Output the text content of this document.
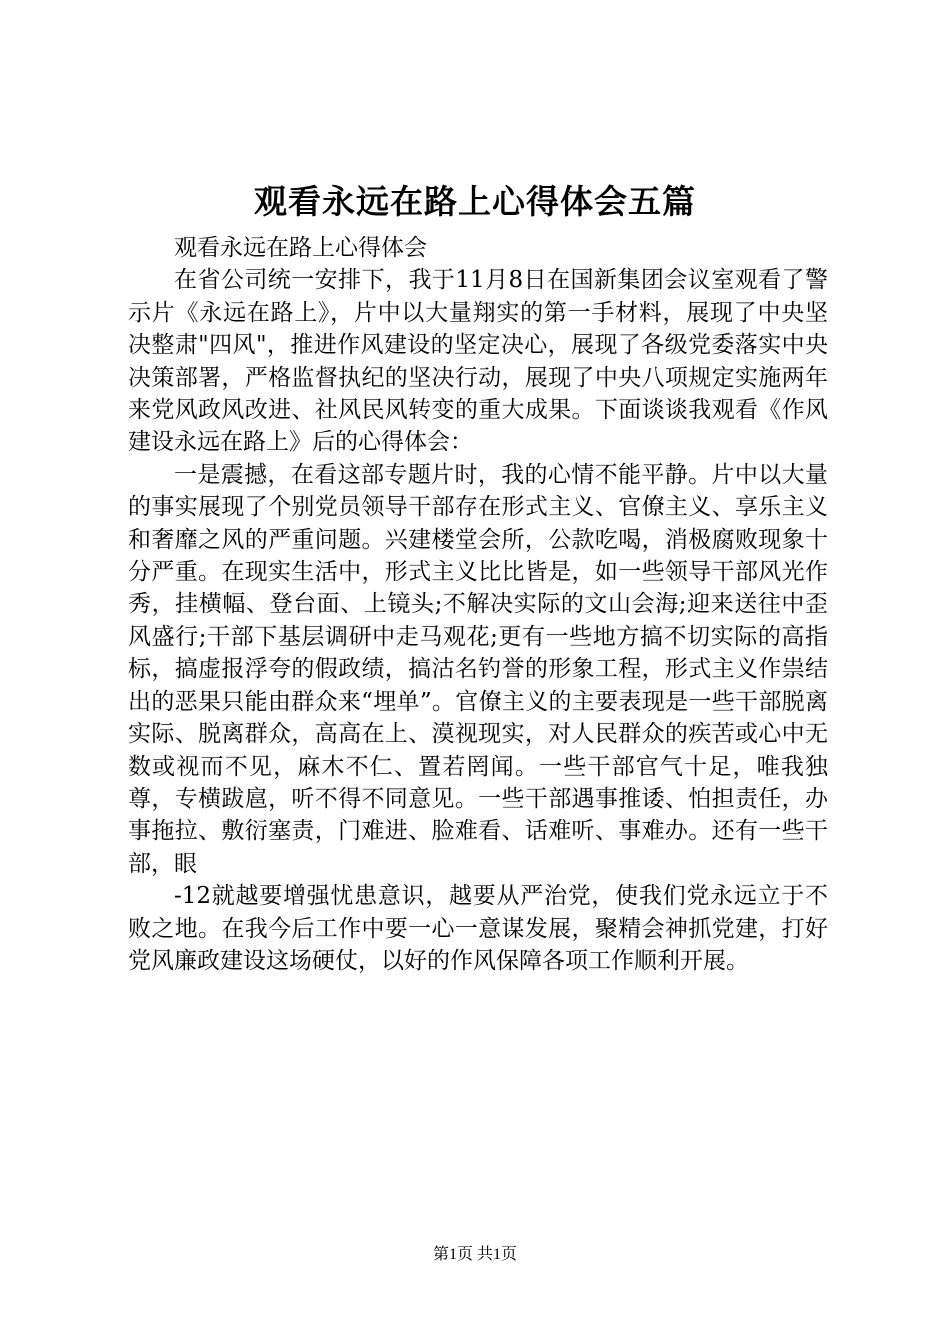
观看永远在路上心得体会五篇

观看永远在路上心得体会

在省公司统一安排下，我于11月8日在国新集团会议室观看了警示片《永远在路上》，片中以大量翔实的第一手材料，展现了中央坚决整肃"四风"，推进作风建设的坚定决心，展现了各级党委落实中央决策部署，严格监督执纪的坚决行动，展现了中央八项规定实施两年来党风政风改进、社风民风转变的重大成果。下面谈谈我观看《作风建设永远在路上》后的心得体会：

一是震撼，在看这部专题片时，我的心情不能平静。片中以大量的事实展现了个别党员领导干部存在形式主义、官僚主义、享乐主义和奢靡之风的严重问题。兴建楼堂会所，公款吃喝，消极腐败现象十分严重。在现实生活中，形式主义比比皆是，如一些领导干部风光作秀，挂横幅、登台面、上镜头;不解决实际的文山会海;迎来送往中歪风盛行;干部下基层调研中走马观花;更有一些地方搞不切实际的高指标，搞虚报浮夸的假政绩，搞沽名钓誉的形象工程，形式主义作祟结出的恶果只能由群众来“埋单”。官僚主义的主要表现是一些干部脱离实际、脱离群众，高高在上、漠视现实，对人民群众的疾苦或心中无数或视而不见，麻木不仁、置若罔闻。一些干部官气十足，唯我独尊，专横跋扈，听不得不同意见。一些干部遇事推诿、怕担责任，办事拖拉、敷衍塞责，门难进、脸难看、话难听、事难办。还有一些干部，眼

-12就越要增强忧患意识，越要从严治党，使我们党永远立于不败之地。在我今后工作中要一心一意谋发展，聚精会神抓党建，打好党风廉政建设这场硬仗，以好的作风保障各项工作顺利开展。

第1页 共1页
